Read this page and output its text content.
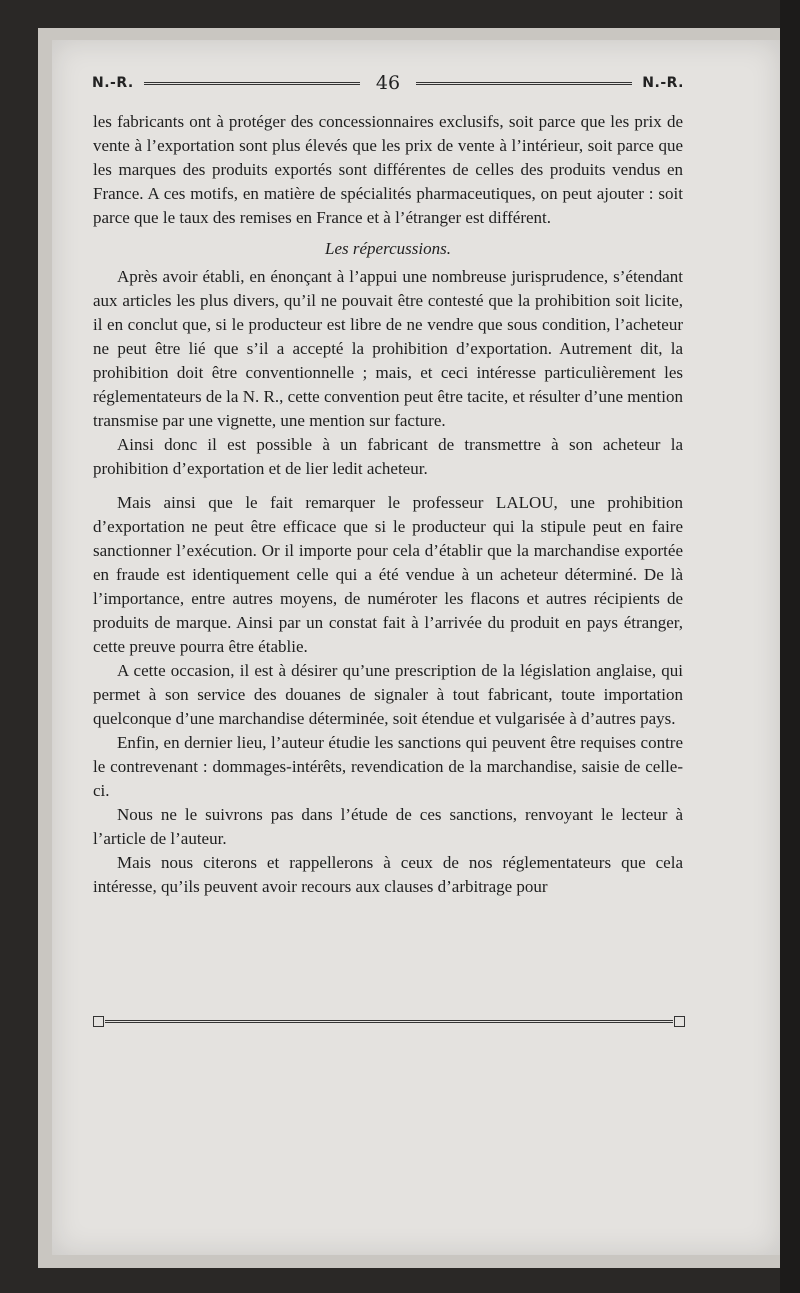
N.-R.	46	N.-R.

les fabricants ont à protéger des concessionnaires exclusifs, soit parce que les prix de vente à l’exportation sont plus élevés que les prix de vente à l’intérieur, soit parce que les marques des produits exportés sont différentes de celles des produits vendus en France. A ces motifs, en matière de spécialités pharmaceutiques, on peut ajouter : soit parce que le taux des remises en France et à l’étranger est différent.

Les répercussions.

Après avoir établi, en énonçant à l’appui une nombreuse jurisprudence, s’étendant aux articles les plus divers, qu’il ne pouvait être contesté que la prohibition soit licite, il en conclut que, si le producteur est libre de ne vendre que sous condition, l’acheteur ne peut être lié que s’il a accepté la prohibition d’exportation. Autrement dit, la prohibition doit être conventionnelle ; mais, et ceci intéresse particulièrement les réglementateurs de la N. R., cette convention peut être tacite, et résulter d’une mention transmise par une vignette, une mention sur facture.

Ainsi donc il est possible à un fabricant de transmettre à son acheteur la prohibition d’exportation et de lier ledit acheteur.

Mais ainsi que le fait remarquer le professeur LALOU, une prohibition d’exportation ne peut être efficace que si le producteur qui la stipule peut en faire sanctionner l’exécution. Or il importe pour cela d’établir que la marchandise exportée en fraude est identiquement celle qui a été vendue à un acheteur déterminé. De là l’importance, entre autres moyens, de numéroter les flacons et autres récipients de produits de marque. Ainsi par un constat fait à l’arrivée du produit en pays étranger, cette preuve pourra être établie.

A cette occasion, il est à désirer qu’une prescription de la législation anglaise, qui permet à son service des douanes de signaler à tout fabricant, toute importation quelconque d’une marchandise déterminée, soit étendue et vulgarisée à d’autres pays.

Enfin, en dernier lieu, l’auteur étudie les sanctions qui peuvent être requises contre le contrevenant : dommages-intérêts, revendication de la marchandise, saisie de celle-ci.

Nous ne le suivrons pas dans l’étude de ces sanctions, renvoyant le lecteur à l’article de l’auteur.

Mais nous citerons et rappellerons à ceux de nos réglementateurs que cela intéresse, qu’ils peuvent avoir recours aux clauses d’arbitrage pour
